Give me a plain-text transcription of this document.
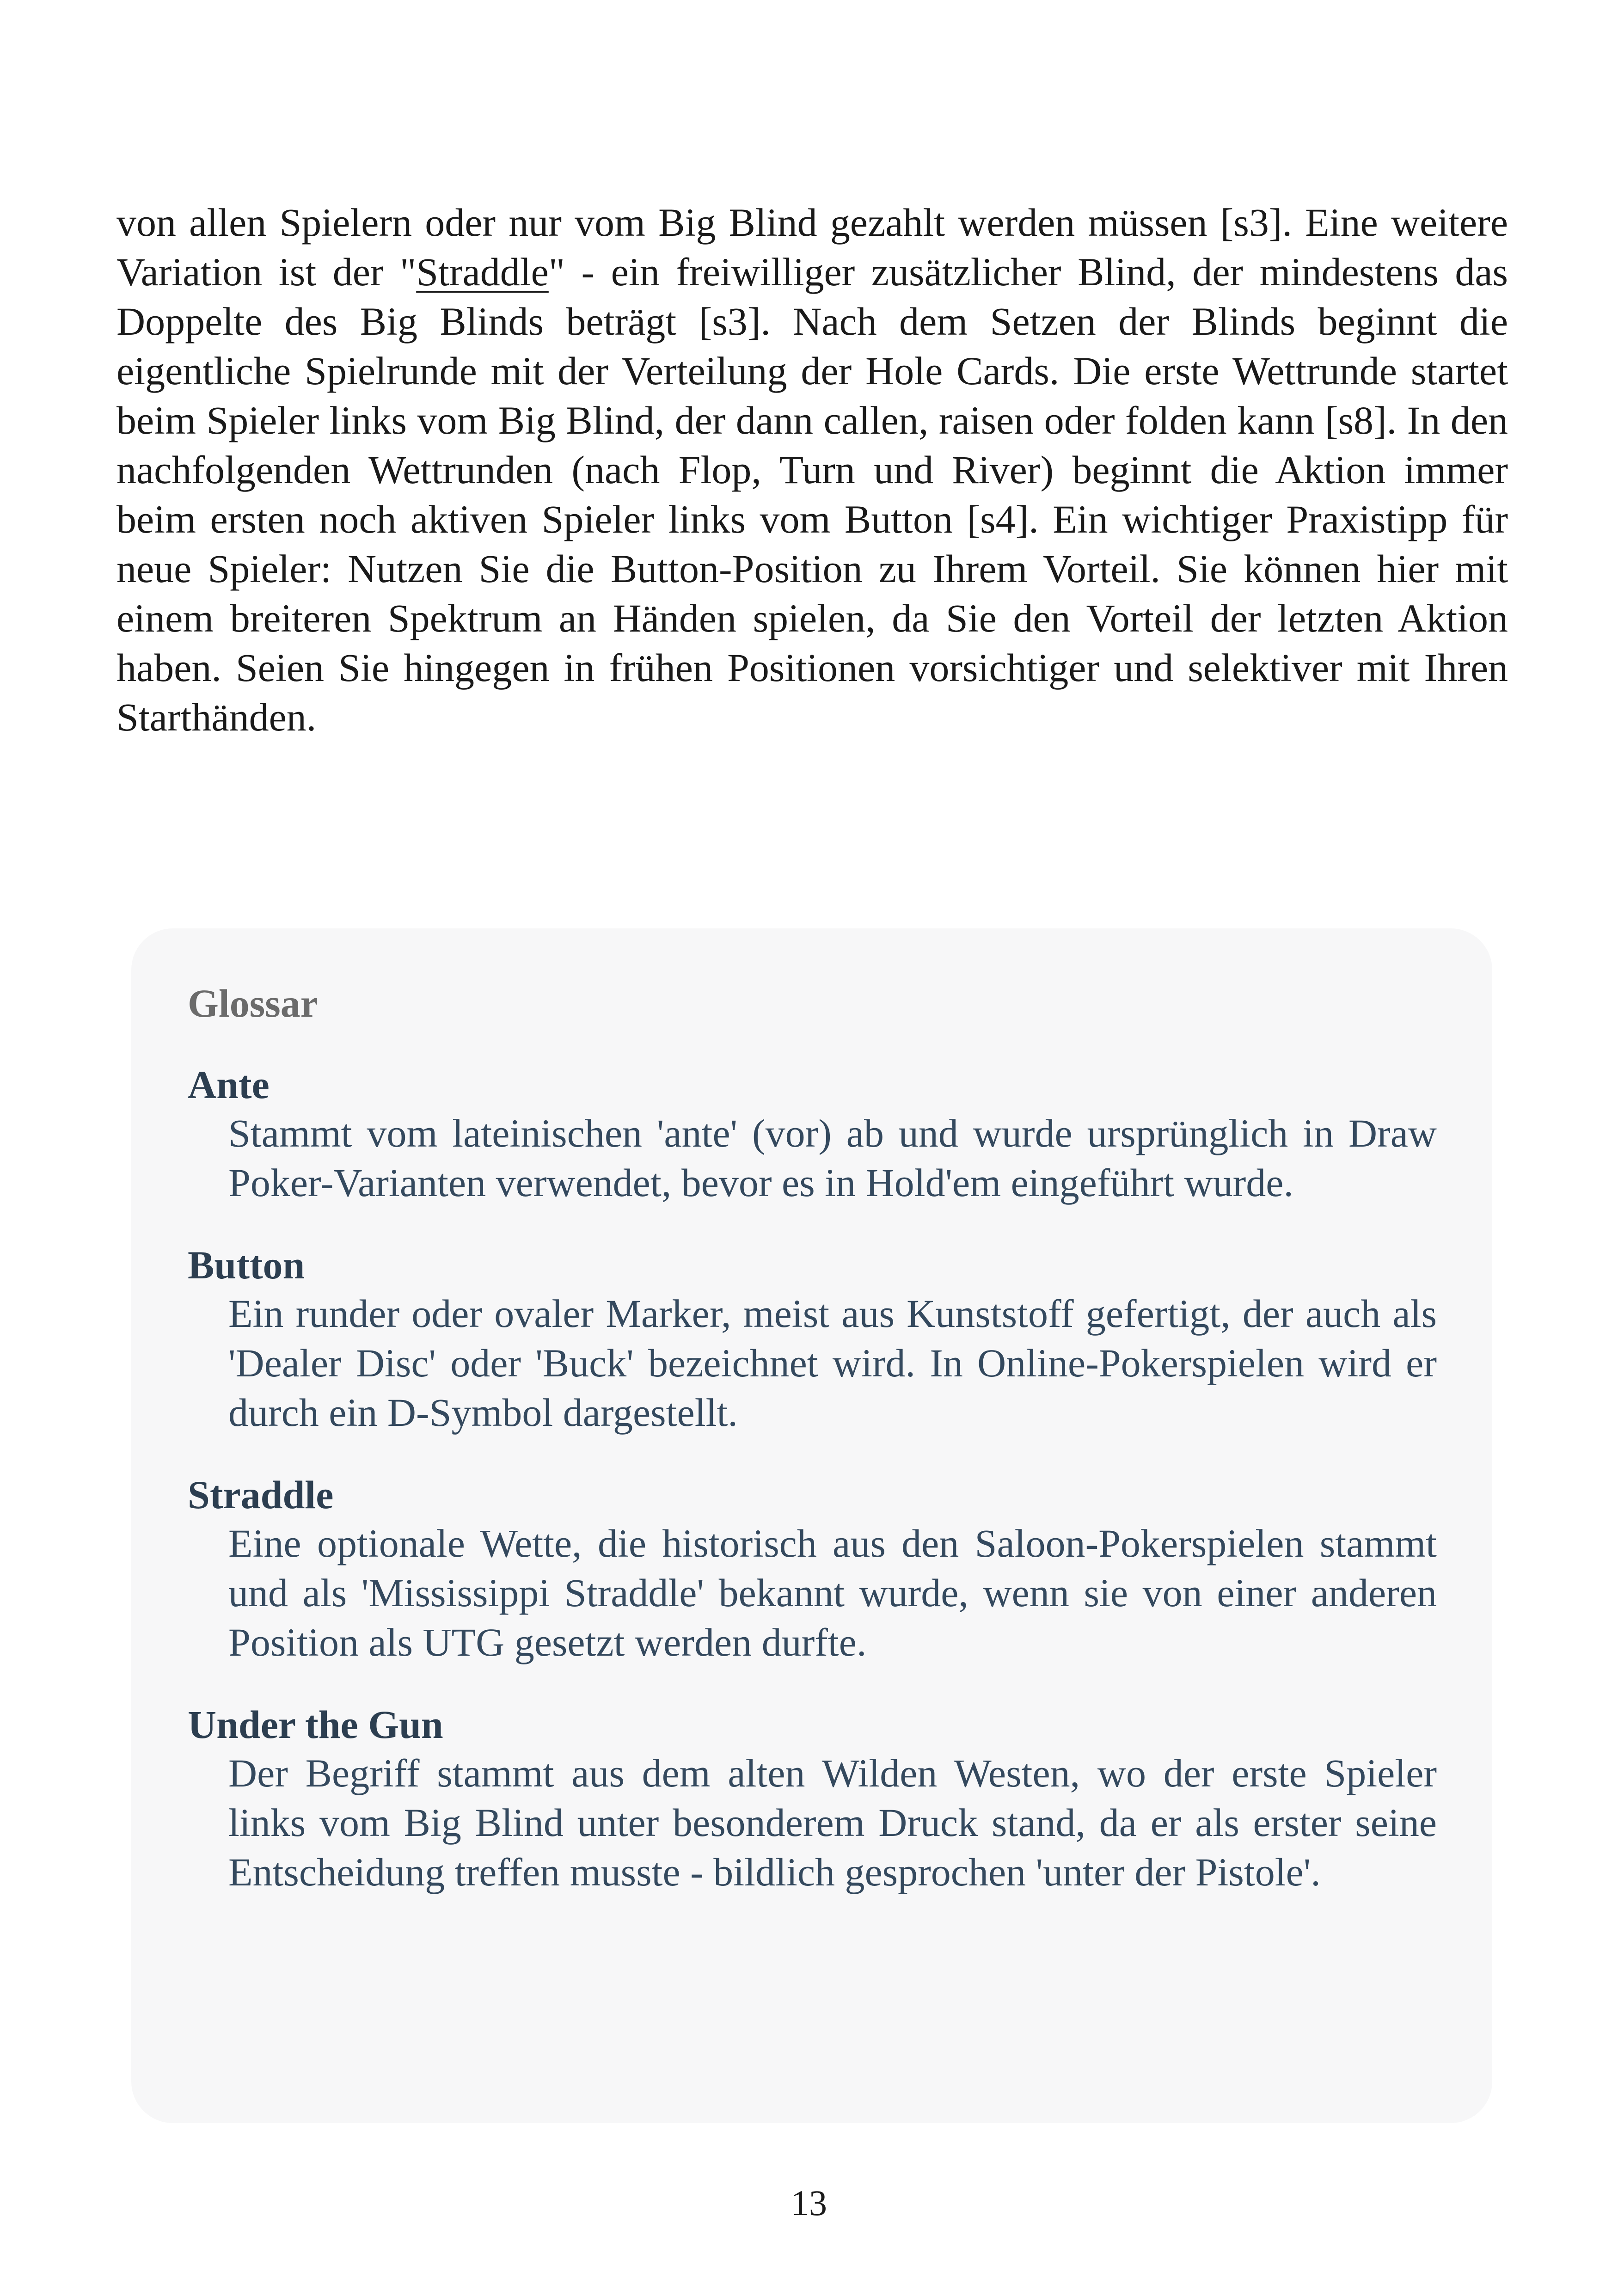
von allen Spielern oder nur vom Big Blind gezahlt werden müssen [s3]. Eine weitere Variation ist der "Straddle" - ein freiwilliger zusätzlicher Blind, der mindestens das Doppelte des Big Blinds beträgt [s3]. Nach dem Setzen der Blinds beginnt die eigentliche Spielrunde mit der Verteilung der Hole Cards. Die erste Wettrunde startet beim Spieler links vom Big Blind, der dann callen, raisen oder folden kann [s8]. In den nachfolgenden Wettrunden (nach Flop, Turn und River) beginnt die Aktion immer beim ersten noch aktiven Spieler links vom Button [s4]. Ein wichtiger Praxistipp für neue Spieler: Nutzen Sie die Button-Position zu Ihrem Vorteil. Sie können hier mit einem breiteren Spektrum an Händen spielen, da Sie den Vorteil der letzten Aktion haben. Seien Sie hingegen in frühen Positionen vorsichtiger und selektiver mit Ihren Starthänden.

Glossar
Ante
Stammt vom lateinischen 'ante' (vor) ab und wurde ursprünglich in Draw Poker-Varianten verwendet, bevor es in Hold'em eingeführt wurde.
Button
Ein runder oder ovaler Marker, meist aus Kunststoff gefertigt, der auch als 'Dealer Disc' oder 'Buck' bezeichnet wird. In Online-Pokerspielen wird er durch ein D-Symbol dargestellt.
Straddle
Eine optionale Wette, die historisch aus den Saloon-Pokerspielen stammt und als 'Mississippi Straddle' bekannt wurde, wenn sie von einer anderen Position als UTG gesetzt werden durfte.
Under the Gun
Der Begriff stammt aus dem alten Wilden Westen, wo der erste Spieler links vom Big Blind unter besonderem Druck stand, da er als erster seine Entscheidung treffen musste - bildlich gesprochen 'unter der Pistole'.
13
